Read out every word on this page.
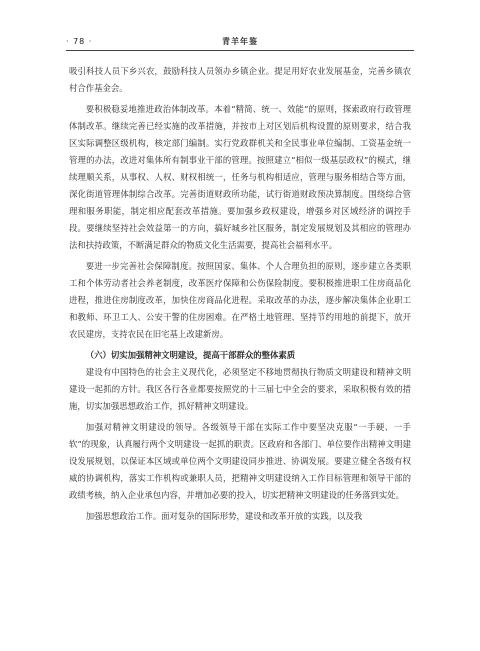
· 78 ·	青羊年鉴

吸引科技人员下乡兴农，鼓励科技人员领办乡镇企业。提足用好农业发展基金，完善乡镇农村合作基金会。

要积极稳妥地推进政治体制改革。本着“精简、统一、效能”的原则，探索政府行政管理体制改革。继续完善已经实施的改革措施，并按市上对区划后机构设置的原则要求，结合我区实际调整区级机构，核定部门编制。实行党政群机关和全民事业单位编制、工资基金统一管理的办法，改进对集体所有制事业干部的管理。按照建立“相似一级基层政权”的模式，继续理顺关系，从事权、人权、财权相统一，任务与机构相适应，管理与服务相结合等方面，深化街道管理体制综合改革。完善街道财政所功能，试行街道财政预决算制度。围绕综合管理和服务职能，制定相应配套改革措施。要加强乡政权建设，增强乡对区域经济的调控手段。要继续坚持社会效益第一的方向，搞好城乡社区服务，制定发展规划及其相应的管理办法和扶持政策，不断满足群众的物质文化生活需要，提高社会福利水平。

要进一步完善社会保障制度。按照国家、集体、个人合理负担的原则，逐步建立各类职工和个体劳动者社会养老制度，改革医疗保障和公伤保险制度。要积极推进职工住房商品化进程，推进住房制度改革，加快住房商品化进程。采取改革的办法，逐步解决集体企业职工和教师、环卫工人、公安干警的住房困难。在严格土地管理、坚持节约用地的前提下，放开农民建房，支持农民在旧宅基上改建新房。

（六）切实加强精神文明建设，提高干部群众的整体素质

建设有中国特色的社会主义现代化，必须坚定不移地贯彻执行物质文明建设和精神文明建设一起抓的方针。我区各行各业都要按照党的十三届七中全会的要求，采取积极有效的措施，切实加强思想政治工作，抓好精神文明建设。

加强对精神文明建设的领导。各级领导干部在实际工作中要坚决克服“一手硬、一手软”的现象，认真履行两个文明建设一起抓的职责。区政府和各部门、单位要作出精神文明建设发展规划，以保证本区域或单位两个文明建设同步推进、协调发展。要建立健全各级有权威的协调机构，落实工作机构或兼职人员，把精神文明建设纳入工作目标管理和领导干部的政绩考核，纳入企业承包内容，并增加必要的投入，切实把精神文明建设的任务落到实处。

加强思想政治工作。面对复杂的国际形势，建设和改革开放的实践，以及我
